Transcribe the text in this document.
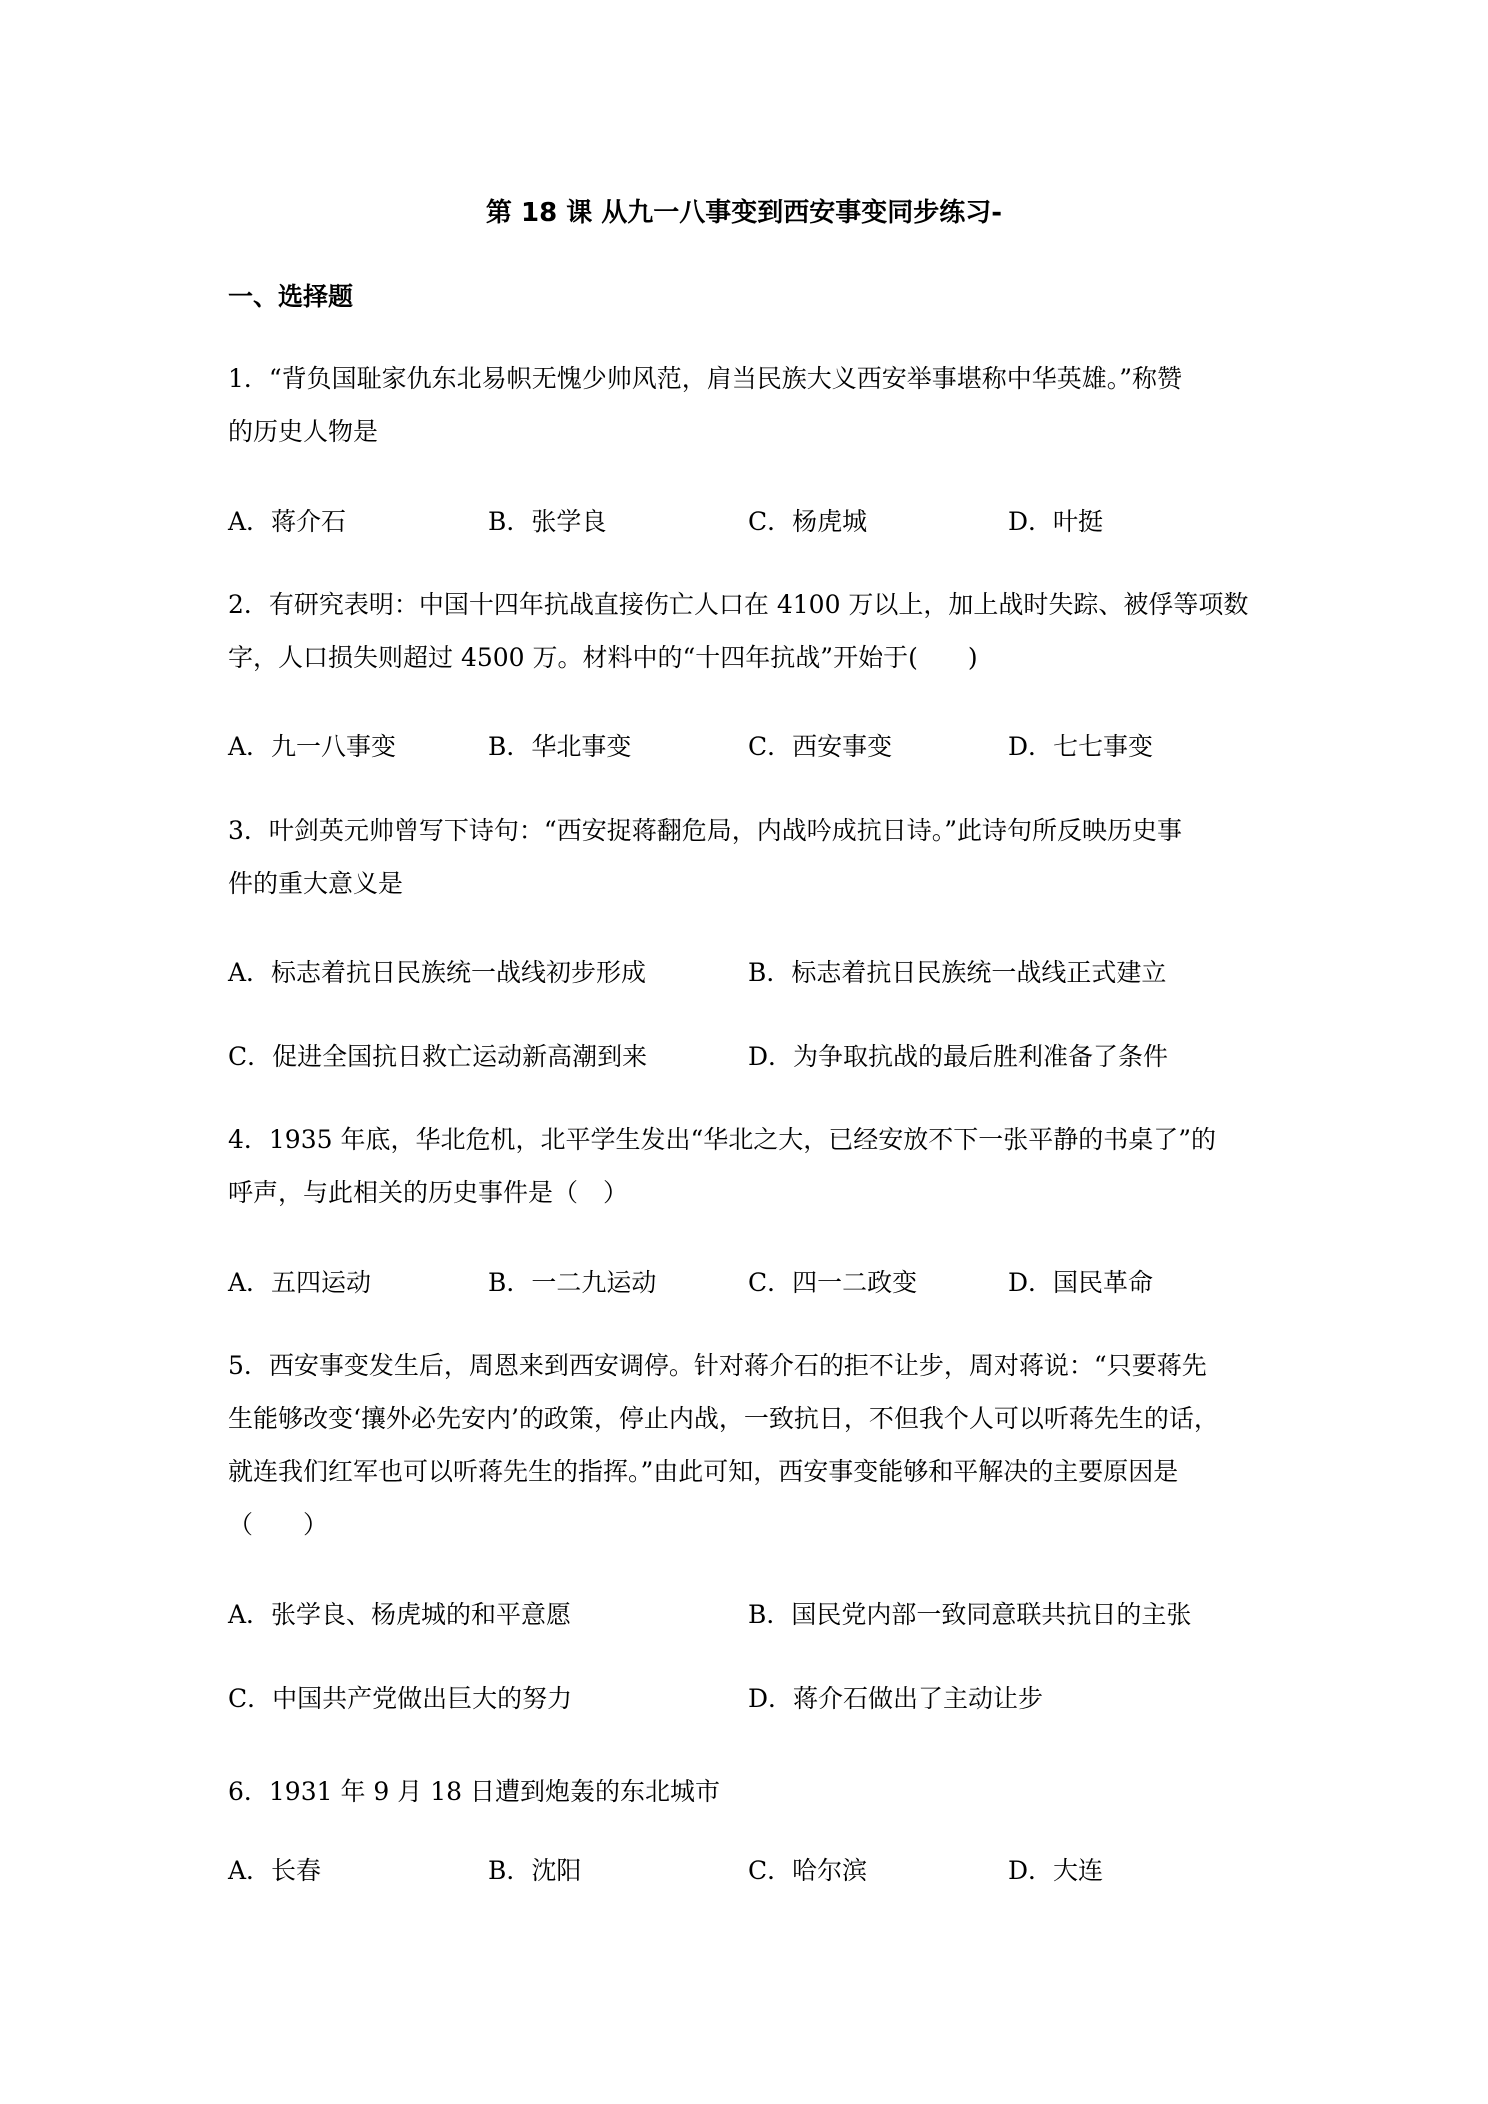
第 18 课 从九一八事变到西安事变同步练习-
一、选择题

1．“背负国耻家仇东北易帜无愧少帅风范，肩当民族大义西安举事堪称中华英雄。”称赞

的历史人物是

A．蒋介石	B．张学良	C．杨虎城	D．叶挺

2．有研究表明：中国十四年抗战直接伤亡人口在 4100 万以上，加上战时失踪、被俘等项数

字，人口损失则超过 4500 万。材料中的“十四年抗战”开始于(　　)

A．九一八事变	B．华北事变	C．西安事变	D．七七事变

3．叶剑英元帅曾写下诗句：“西安捉蒋翻危局，内战吟成抗日诗。”此诗句所反映历史事

件的重大意义是

A．标志着抗日民族统一战线初步形成	B．标志着抗日民族统一战线正式建立
C．促进全国抗日救亡运动新高潮到来	D．为争取抗战的最后胜利准备了条件

4．1935 年底，华北危机，北平学生发出“华北之大，已经安放不下一张平静的书桌了”的

呼声，与此相关的历史事件是（　）

A．五四运动	B．一二九运动	C．四一二政变	D．国民革命

5．西安事变发生后，周恩来到西安调停。针对蒋介石的拒不让步，周对蒋说：“只要蒋先

生能够改变‘攘外必先安内’的政策，停止内战，一致抗日，不但我个人可以听蒋先生的话，

就连我们红军也可以听蒋先生的指挥。”由此可知，西安事变能够和平解决的主要原因是

（　　）

A．张学良、杨虎城的和平意愿	B．国民党内部一致同意联共抗日的主张
C．中国共产党做出巨大的努力	D．蒋介石做出了主动让步

6．1931 年 9 月 18 日遭到炮轰的东北城市

A．长春	B．沈阳	C．哈尔滨	D．大连
